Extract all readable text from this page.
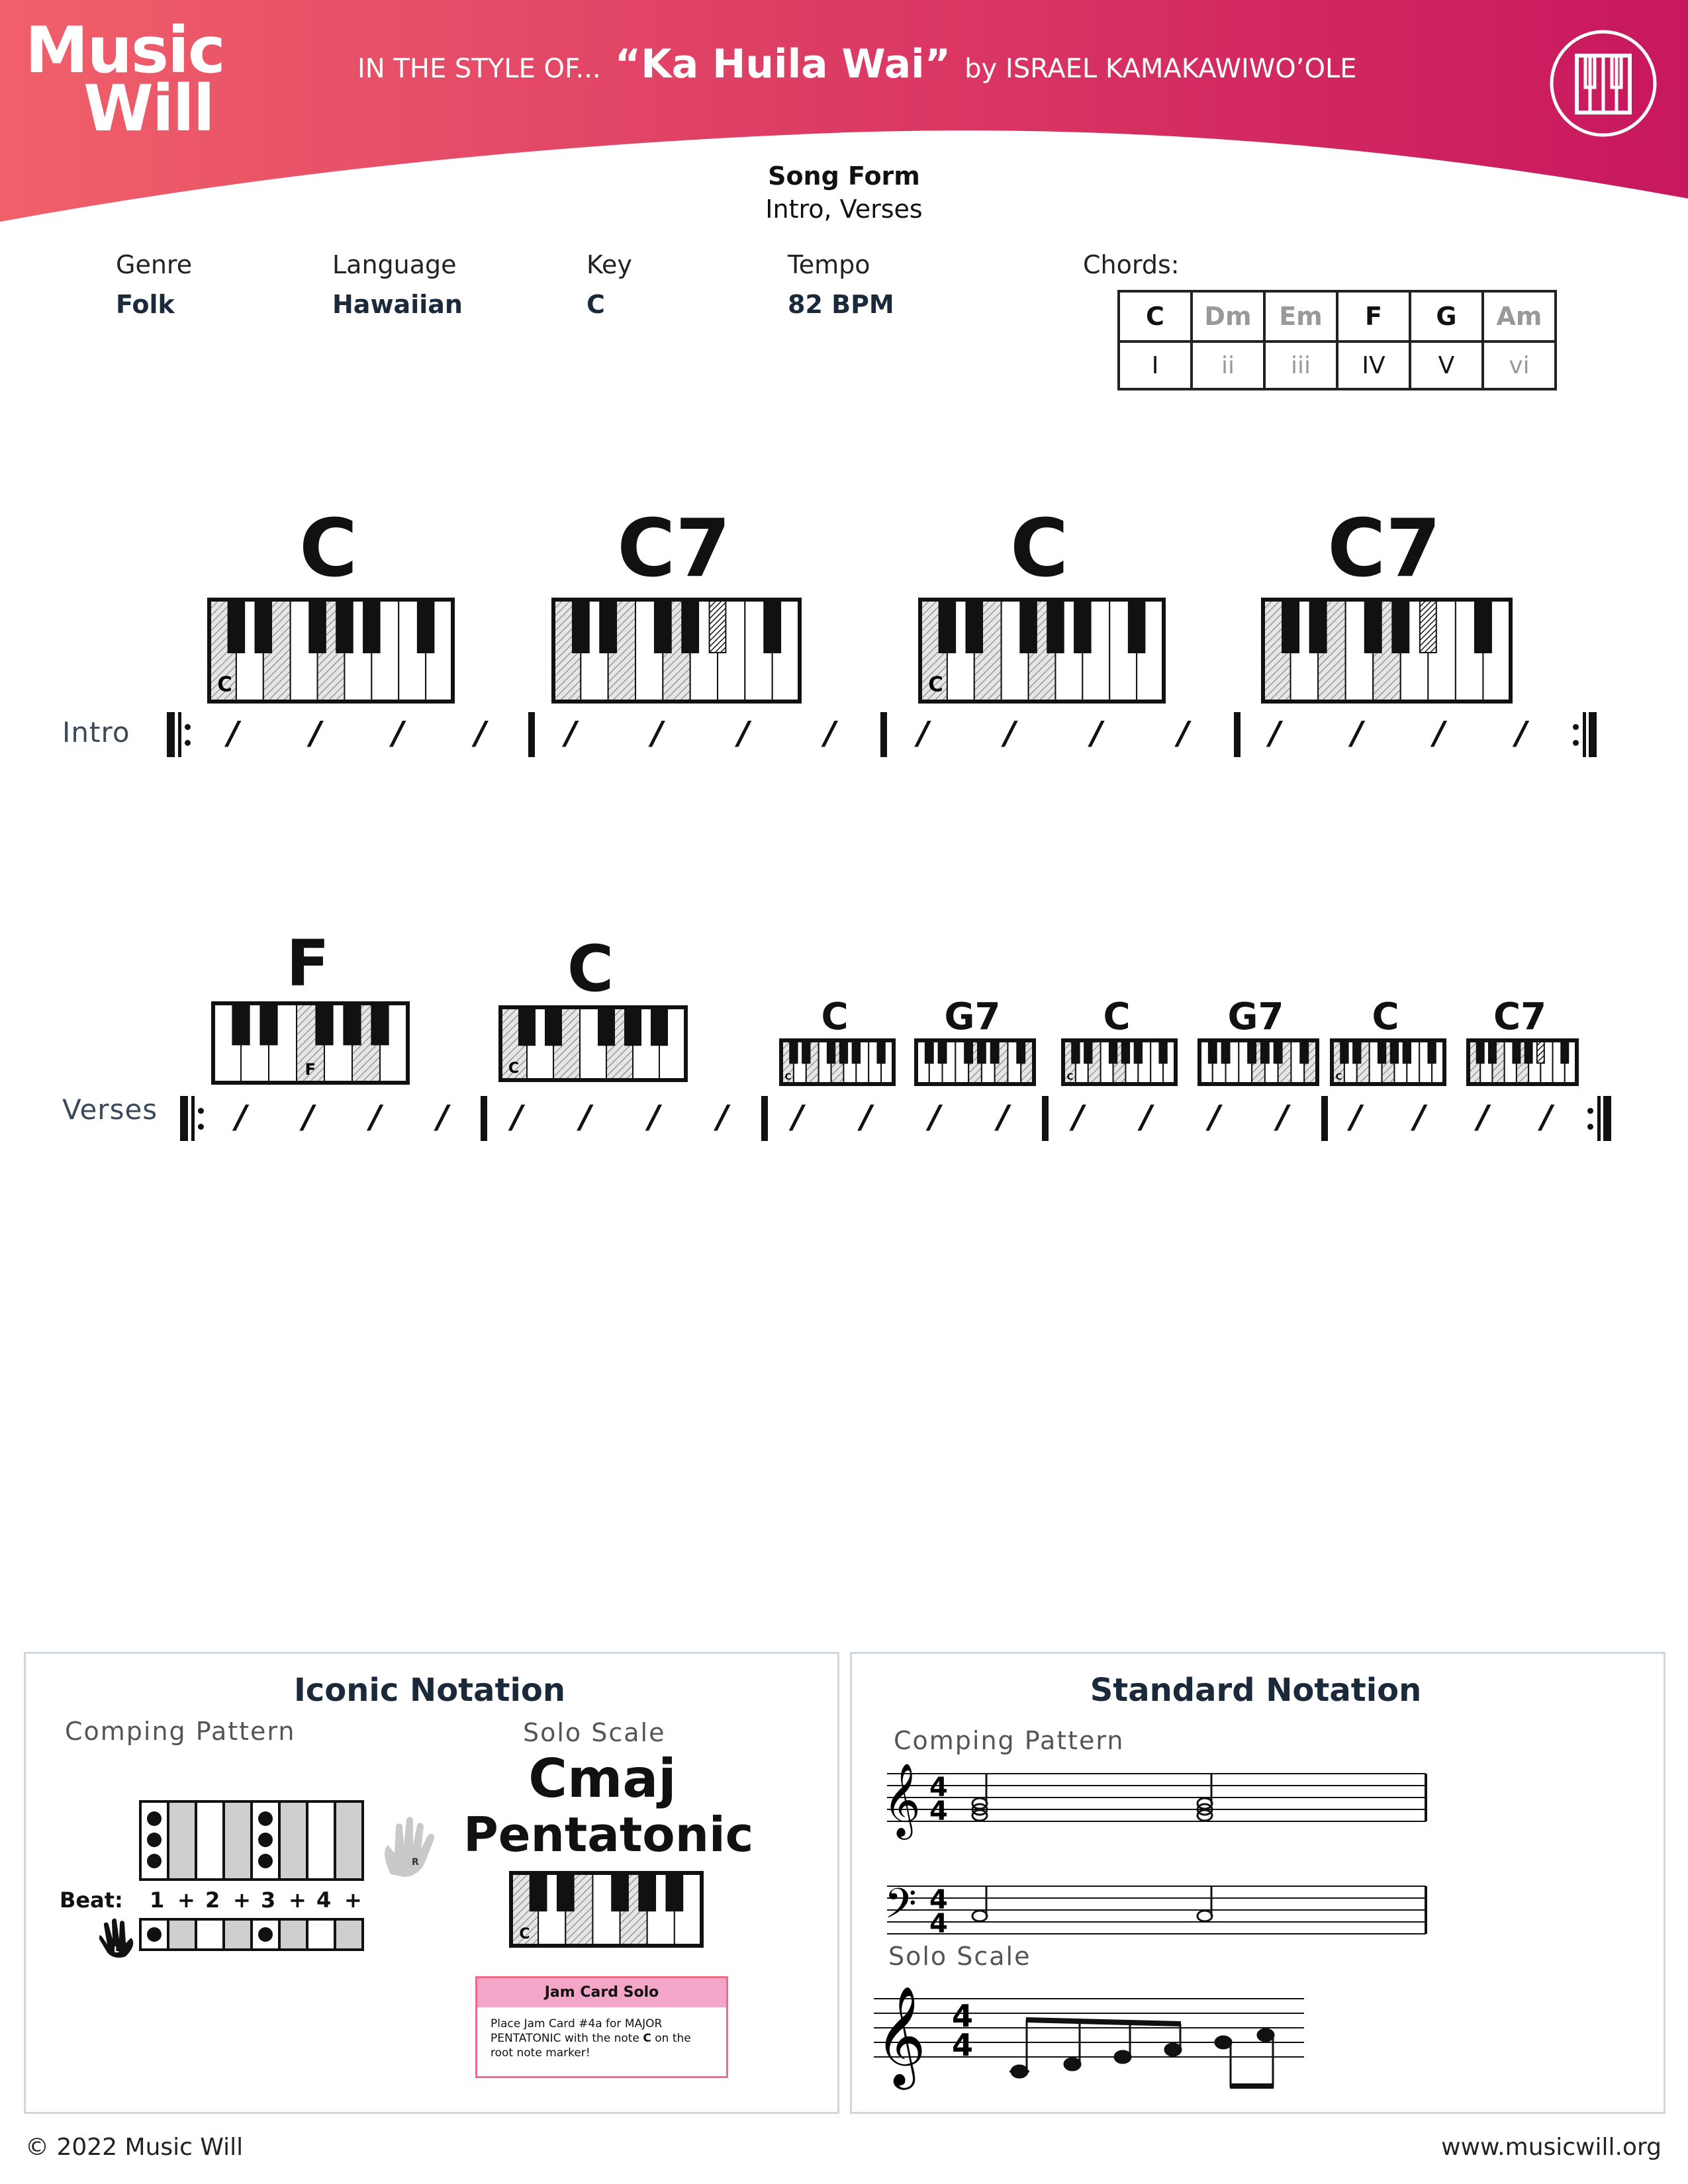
Music
Will
IN THE STYLE OF... “Ka Huila Wai” by ISRAEL KAMAKAWIWO’OLE
Song Form
Intro, Verses
Genre
Folk
Language
Hawaiian
Key
C
Tempo
82 BPM
Chords:
C	Dm	Em	F	G	Am
I	ii	iii	IV	V	vi
Intro	/ / / / / / / /	/ / / /	/ / / /
C
C
C7	C
C
C7
Verses / / / / / / / / / / / / / / / / / / / /
F
F
C
C
C
C
G7	C
C
G7	C
C
C7
Iconic Notation
Comping Pattern	Solo Scale
R
Beat: 1 + 2 + 3 + 4 +
L
Cmaj
Pentatonic
C
Jam Card Solo
Place Jam Card #4a for MAJOR
PENTATONIC with the note C on the
root note marker!
Standard Notation
Comping Pattern
Solo Scale
𝄞
𝄢
4
4
4
4
𝄞 4
4
© 2022 Music Will	www.musicwill.org
